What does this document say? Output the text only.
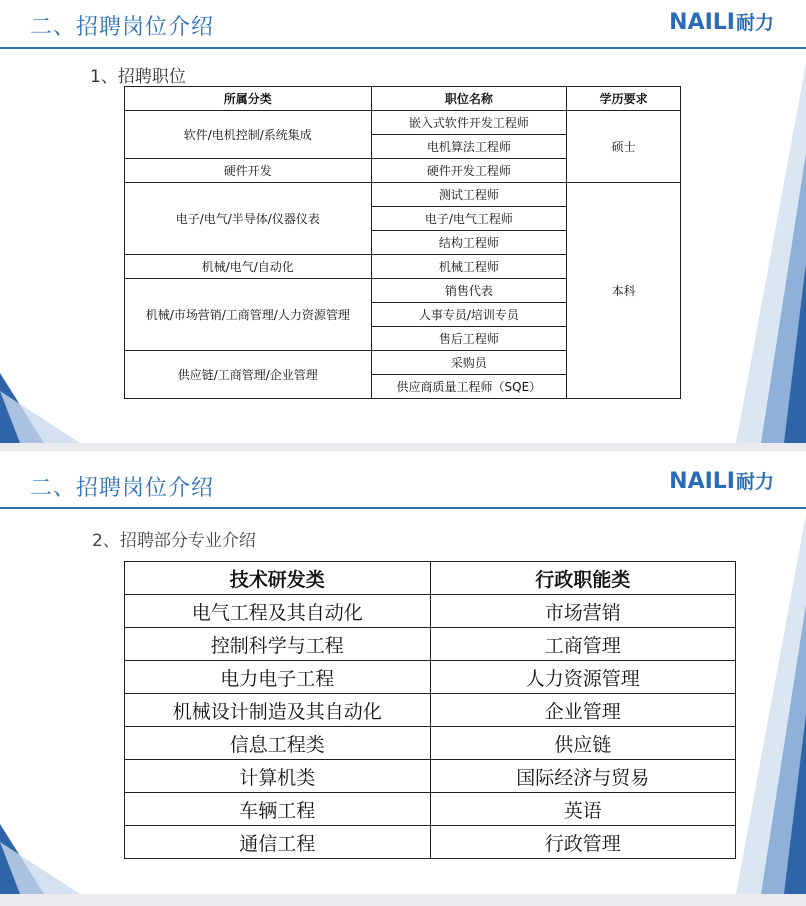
二、招聘岗位介绍	NAILI 耐力
1、招聘职位
所属分类	职位名称	学历要求
软件/电机控制/系统集成	嵌入式软件开发工程师	硕士
	电机算法工程师	
硬件开发	硬件开发工程师	
电子/电气/半导体/仪器仪表	测试工程师	本科
	电子/电气工程师	
	结构工程师	
机械/电气/自动化	机械工程师	
机械/市场营销/工商管理/人力资源管理	销售代表	
	人事专员/培训专员	
	售后工程师	
供应链/工商管理/企业管理	采购员	
	供应商质量工程师（SQE）	
二、招聘岗位介绍	NAILI 耐力
2、招聘部分专业介绍
技术研发类	行政职能类
电气工程及其自动化	市场营销
控制科学与工程	工商管理
电力电子工程	人力资源管理
机械设计制造及其自动化	企业管理
信息工程类	供应链
计算机类	国际经济与贸易
车辆工程	英语
通信工程	行政管理
